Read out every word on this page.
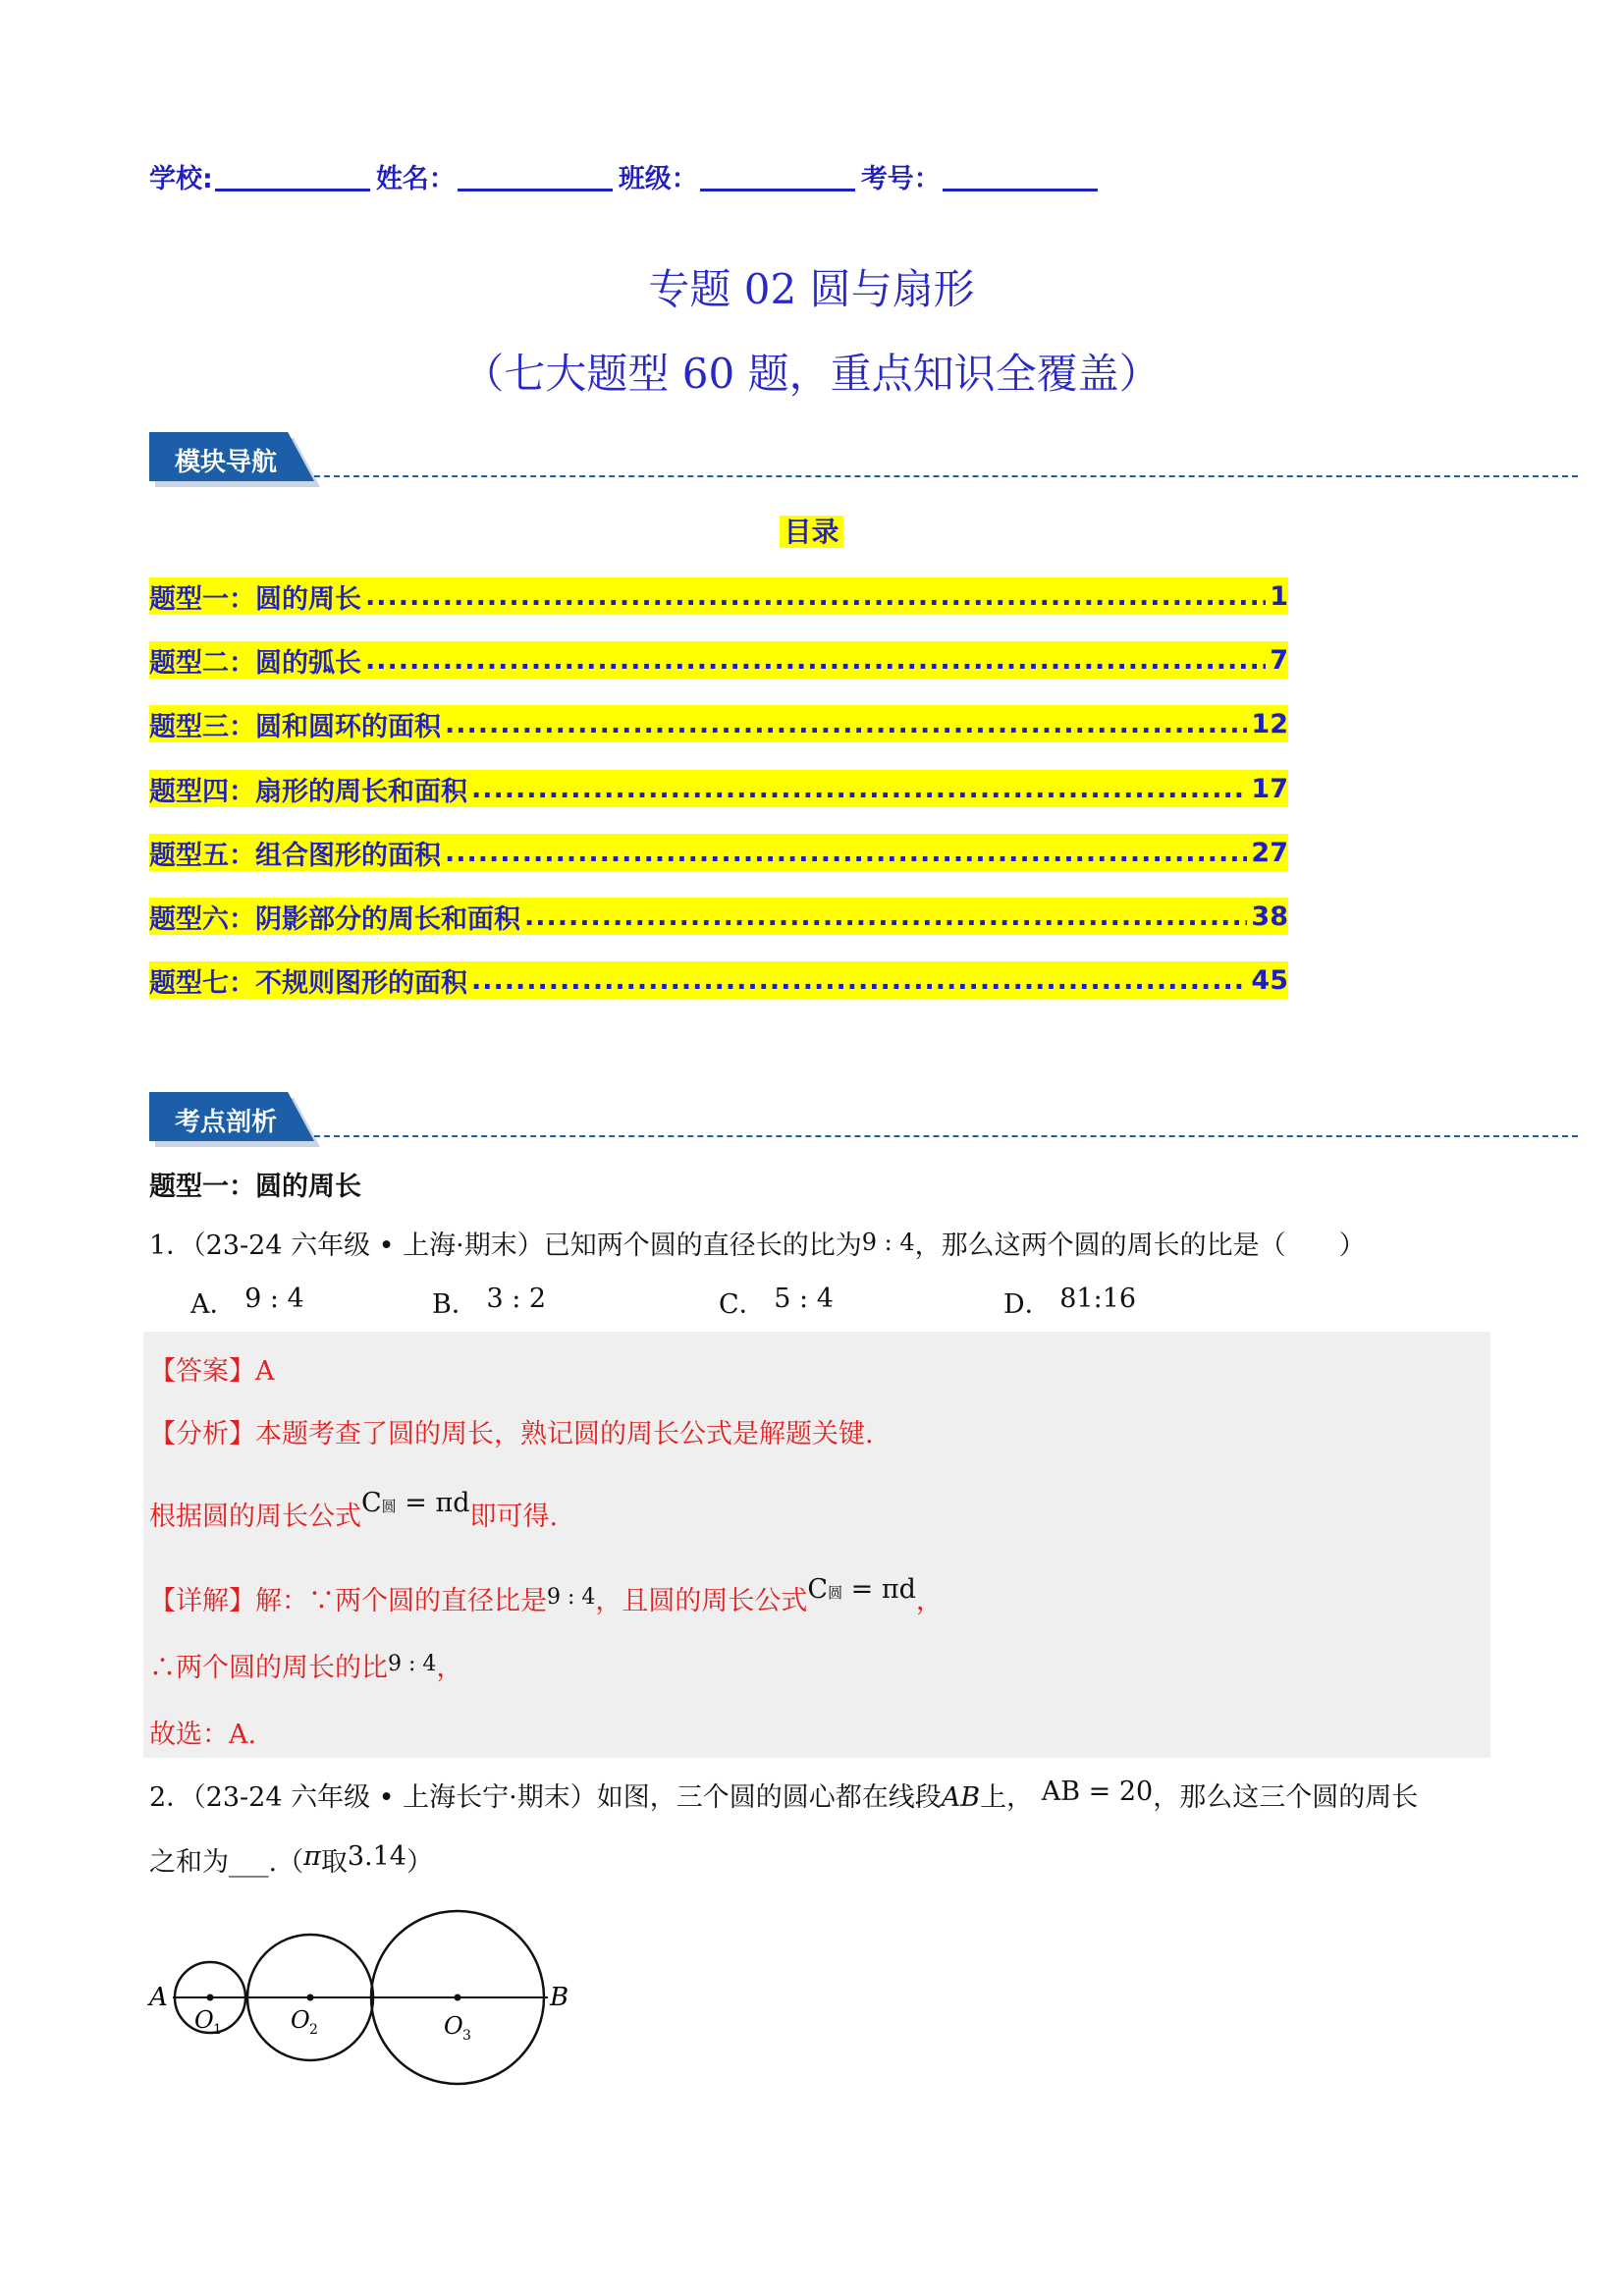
学校:	姓名：	班级：	考号：
专题 02 圆与扇形
（七大题型 60 题，重点知识全覆盖）
模块导航
目录
题型一：圆的周长 .....	1
题型二：圆的弧长 .....	7
题型三：圆和圆环的面积 .....	12
题型四：扇形的周长和面积 .....	17
题型五：组合图形的面积 .....	27
题型六：阴影部分的周长和面积 .....	38
题型七：不规则图形的面积 .....	45
考点剖析
题型一：圆的周长
1．（23-24 六年级 • 上海·期末）已知两个圆的直径长的比为9 : 4，那么这两个圆的周长的比是（　　）
A． 9 : 4	B． 3 : 2	C． 5 : 4	D． 81:16
【答案】A
【分析】本题考查了圆的周长，熟记圆的周长公式是解题关键.
根据圆的周长公式C圆 = πd即可得.
【详解】解：∵两个圆的直径比是$^{9 : 4}$，且圆的周长公式C圆 = πd，
∴两个圆的周长的比$^{9 : 4}$，
故选：A.
2．（23-24 六年级 • 上海长宁·期末）如图，三个圆的圆心都在线段AB上， AB = 20，那么这三个圆的周长
之和为___.（π取3.14）
A	B
O 1	O 2	O 3
